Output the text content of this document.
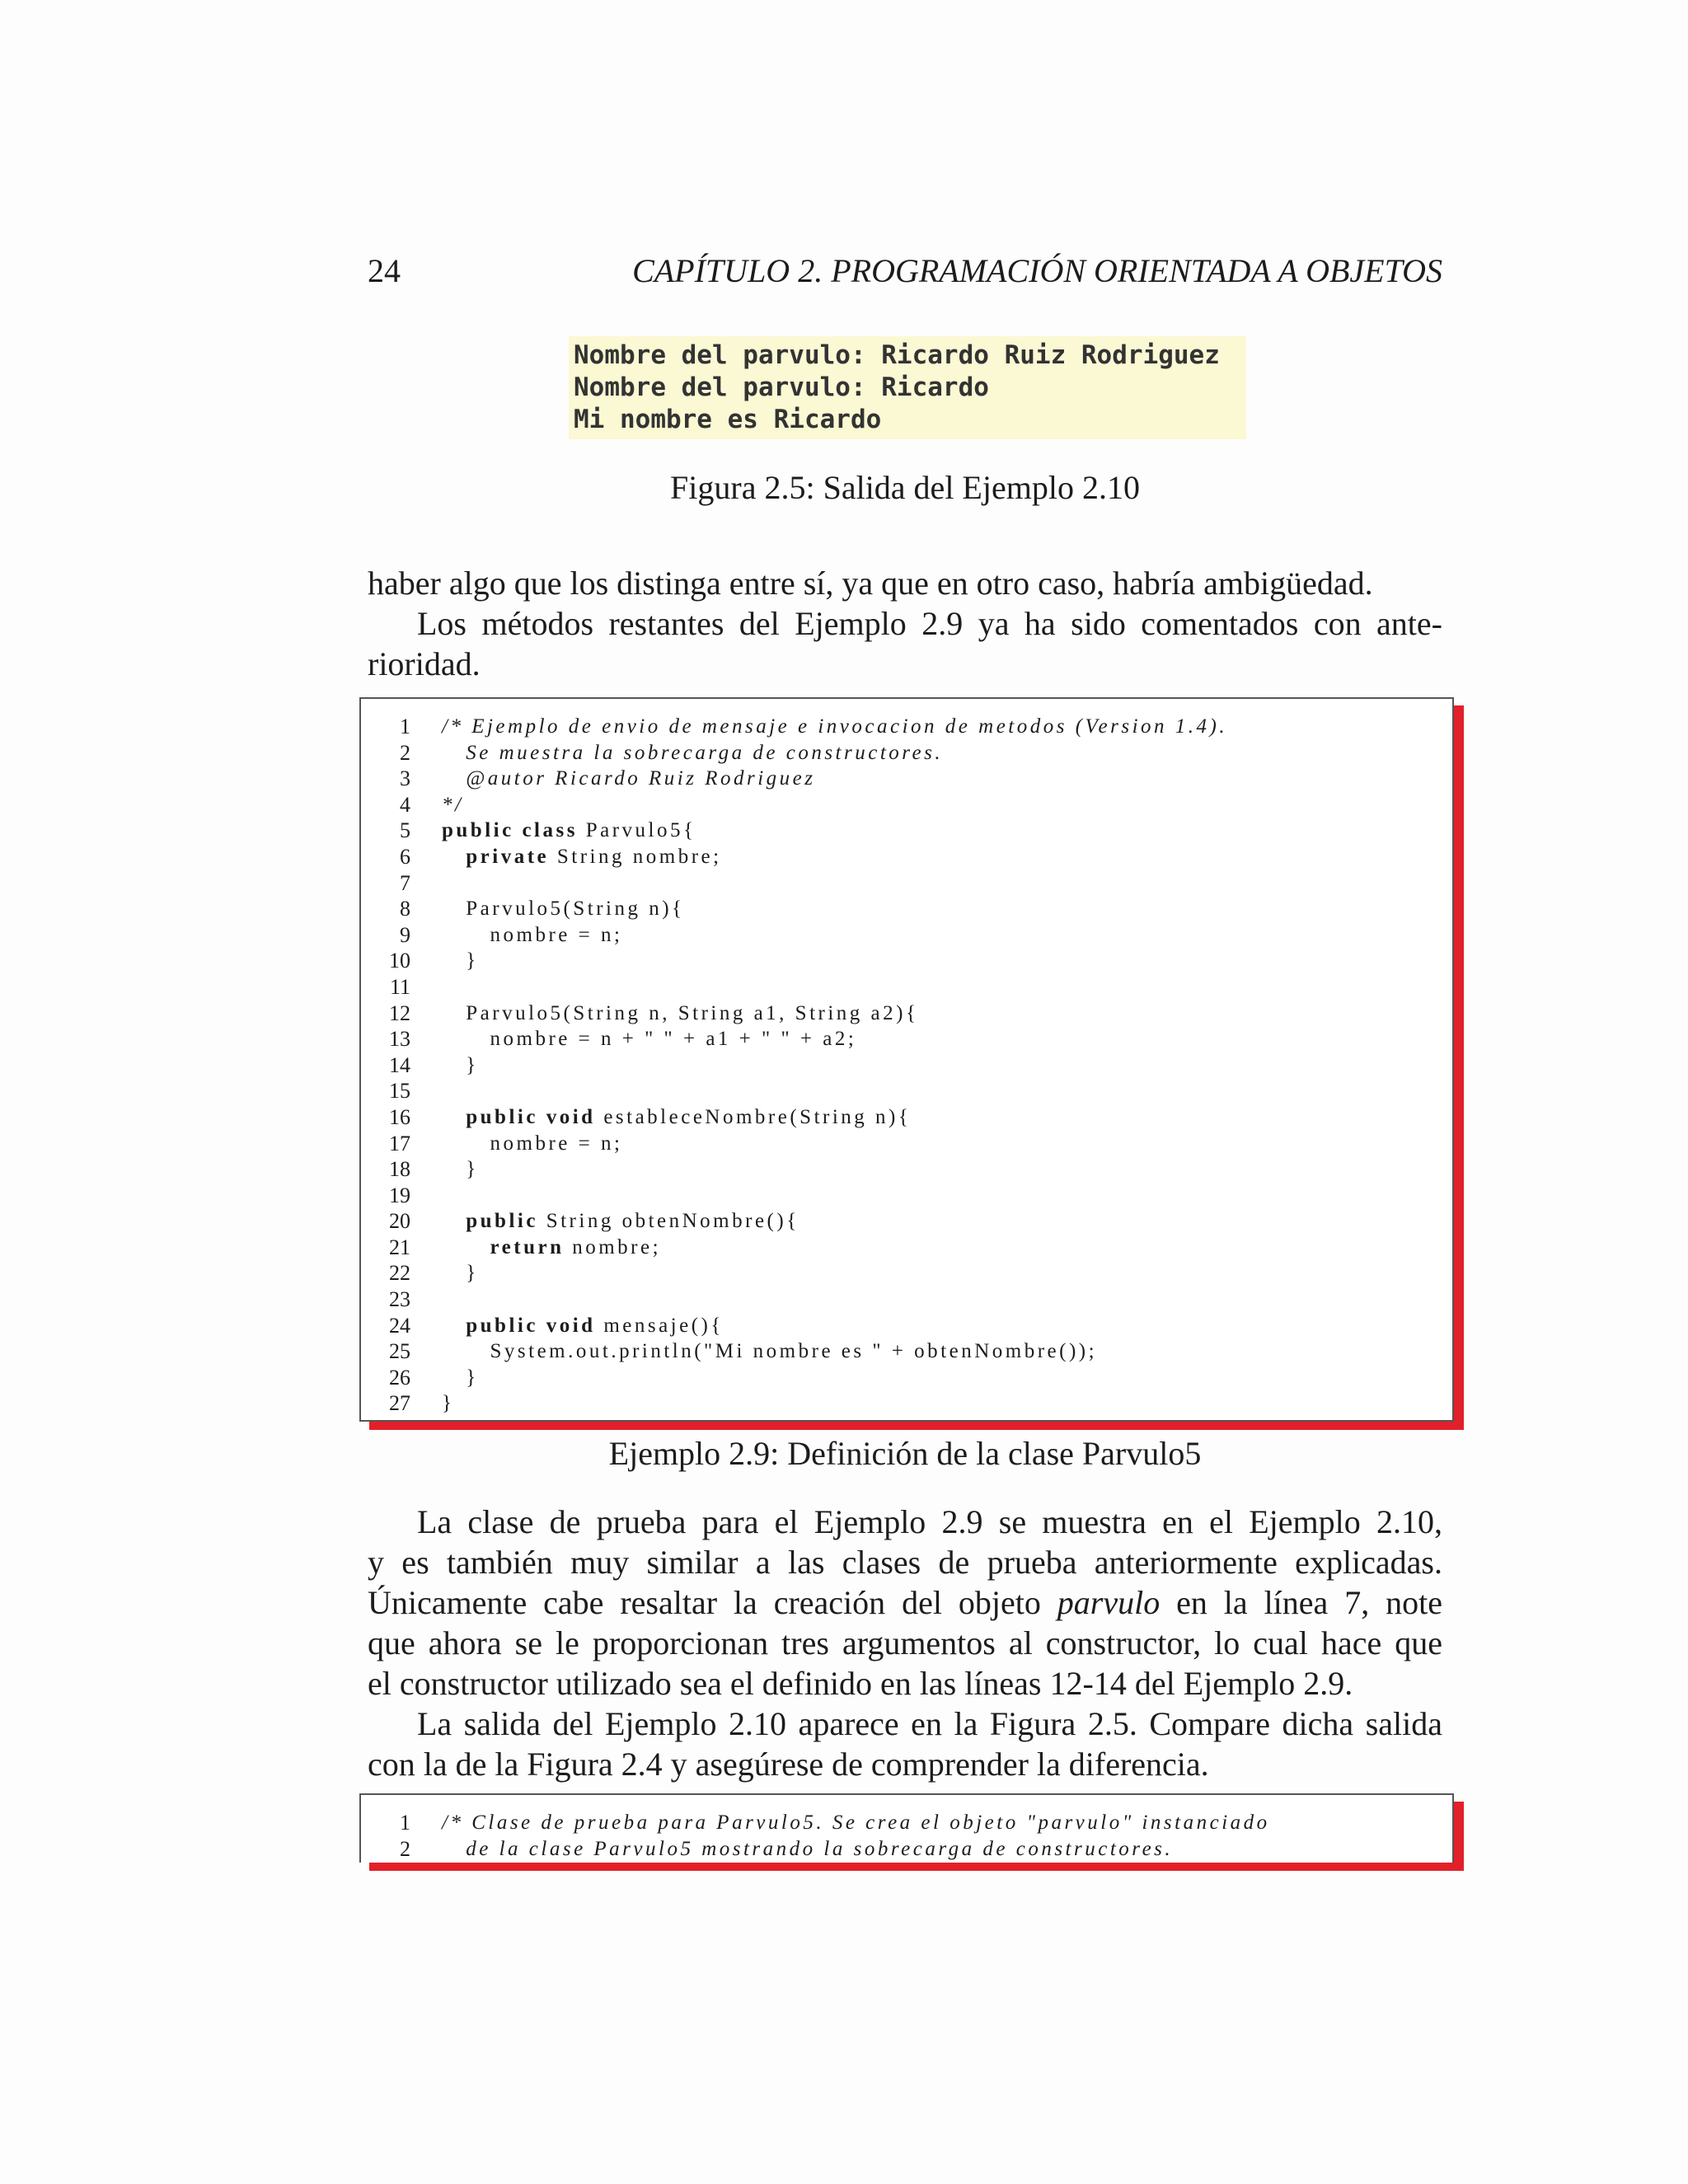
24	CAPÍTULO 2. PROGRAMACIÓN ORIENTADA A OBJETOS
Nombre del parvulo: Ricardo Ruiz Rodriguez
Nombre del parvulo: Ricardo
Mi nombre es Ricardo
Figura 2.5: Salida del Ejemplo 2.10
haber algo que los distinga entre sí, ya que en otro caso, habría ambigüedad.
Los métodos restantes del Ejemplo 2.9 ya ha sido comentados con ante-
rioridad.
1 /* Ejemplo de envio de mensaje e invocacion de metodos (Version 1.4).
2 Se muestra la sobrecarga de constructores.
3 @autor Ricardo Ruiz Rodriguez
4 */
5 public class Parvulo5{
6	private String nombre;
7
8 Parvulo5(String n){
9 nombre = n;
10 }
11
12 Parvulo5(String n, String a1, String a2){
13 nombre = n + " " + a1 + " " + a2;
14 }
15
16	public void estableceNombre(String n){
17 nombre = n;
18 }
19
20	public String obtenNombre(){
21	return nombre;
22 }
23
24	public void mensaje(){
25 System.out.println("Mi nombre es " + obtenNombre());
26 }
27 }
Ejemplo 2.9: Definición de la clase Parvulo5
La clase de prueba para el Ejemplo 2.9 se muestra en el Ejemplo 2.10,
y es también muy similar a las clases de prueba anteriormente explicadas.
Únicamente cabe resaltar la creación del objeto parvulo en la línea 7, note
que ahora se le proporcionan tres argumentos al constructor, lo cual hace que
el constructor utilizado sea el definido en las líneas 12-14 del Ejemplo 2.9.
La salida del Ejemplo 2.10 aparece en la Figura 2.5. Compare dicha salida
con la de la Figura 2.4 y asegúrese de comprender la diferencia.
1 /* Clase de prueba para Parvulo5. Se crea el objeto "parvulo" instanciado
2 de la clase Parvulo5 mostrando la sobrecarga de constructores.
